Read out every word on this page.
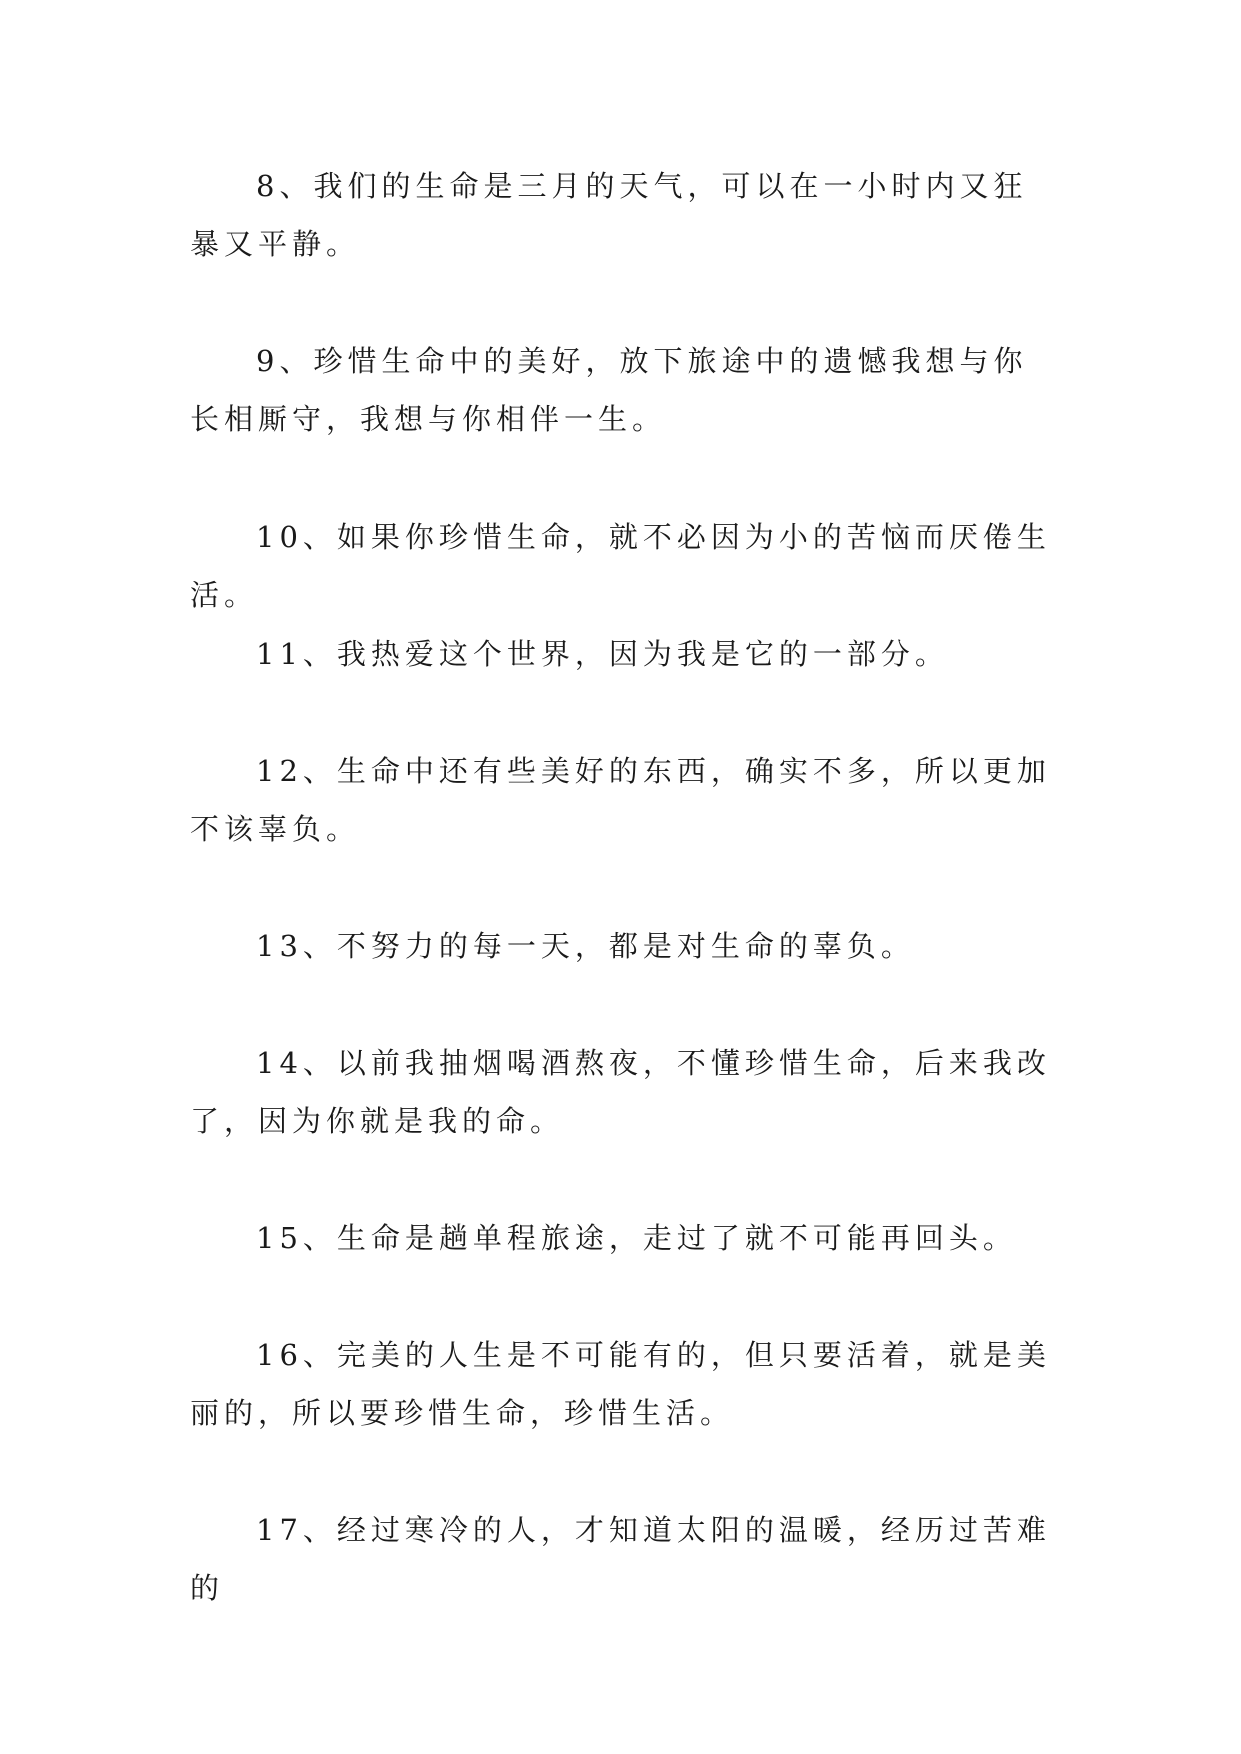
8、我们的生命是三月的天气，可以在一小时内又狂暴又平静。

9、珍惜生命中的美好，放下旅途中的遗憾我想与你长相厮守，我想与你相伴一生。

10、如果你珍惜生命，就不必因为小的苦恼而厌倦生活。

11、我热爱这个世界，因为我是它的一部分。

12、生命中还有些美好的东西，确实不多，所以更加不该辜负。

13、不努力的每一天，都是对生命的辜负。

14、以前我抽烟喝酒熬夜，不懂珍惜生命，后来我改了，因为你就是我的命。

15、生命是趟单程旅途，走过了就不可能再回头。

16、完美的人生是不可能有的，但只要活着，就是美丽的，所以要珍惜生命，珍惜生活。

17、经过寒冷的人，才知道太阳的温暖，经历过苦难的
